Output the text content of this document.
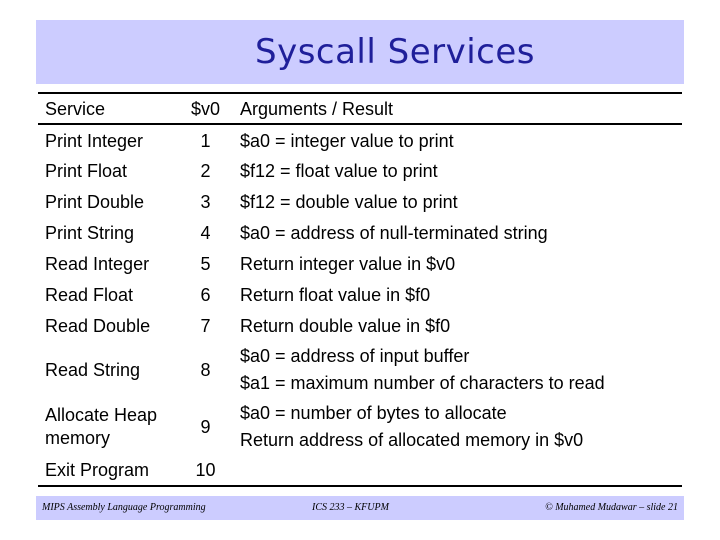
Syscall Services
Service	$v0	Arguments / Result
Print Integer	1	$a0 = integer value to print
Print Float	2	$f12 = float value to print
Print Double	3	$f12 = double value to print
Print String	4	$a0 = address of null-terminated string
Read Integer	5	Return integer value in $v0
Read Float	6	Return float value in $f0
Read Double	7	Return double value in $f0
Read String	8	$a0 = address of input buffer
$a1 = maximum number of characters to read

Allocate Heap memory	9	$a0 = number of bytes to allocate
Return address of allocated memory in $v0

Exit Program	10	
MIPS Assembly Language Programming	ICS 233 – KFUPM	© Muhamed Mudawar – slide 21
